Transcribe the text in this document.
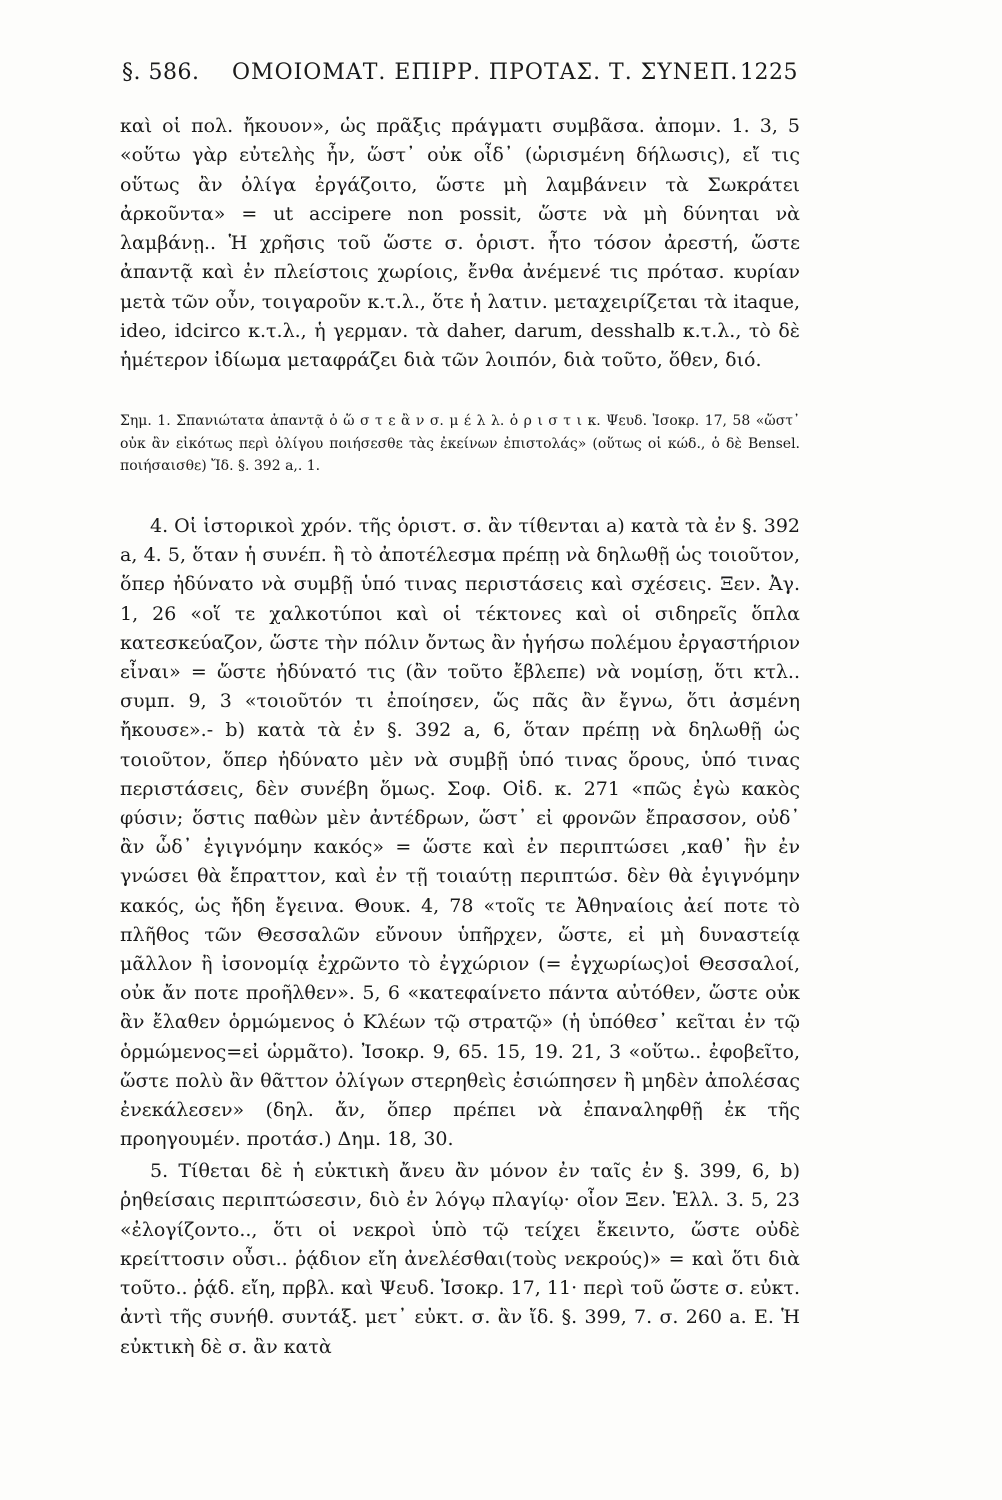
§. 586. ΟΜΟΙΟΜΑΤ. ΕΠΙΡΡ. ΠΡΟΤΑΣ. Τ. ΣΥΝΕΠ. 1225

καὶ οἱ πολ. ἤκουον», ὡς πρᾶξις πράγματι συμβᾶσα. ἀπομν. 1. 3, 5 «οὕτω γὰρ εὐτελὴς ἦν, ὥστ᾽ οὐκ οἶδ᾽ (ὡρισμένη δήλωσις), εἴ τις οὕτως ἂν ὀλίγα ἐργάζοιτο, ὥστε μὴ λαμβάνειν τὰ Σωκράτει ἀρκοῦντα» = ut accipere non possit, ὥστε νὰ μὴ δύνηται νὰ λαμβάνῃ.. Ἡ χρῆσις τοῦ ὥστε σ. ὁριστ. ἦτο τόσον ἀρεστή, ὥστε ἀπαντᾷ καὶ ἐν πλείστοις χωρίοις, ἔνθα ἀνέμενέ τις πρότασ. κυρίαν μετὰ τῶν οὖν, τοιγαροῦν κ.τ.λ., ὅτε ἡ λατιν. μεταχειρίζεται τὰ itaque, ideo, idcirco κ.τ.λ., ἡ γερμαν. τὰ daher, darum, desshalb κ.τ.λ., τὸ δὲ ἡμέτερον ἰδίωμα μεταφράζει διὰ τῶν λοιπόν, διὰ τοῦτο, ὅθεν, διό.

Σημ. 1. Σπανιώτατα ἀπαντᾷ ὁ ὥ σ τ ε ἂ ν σ. μ έ λ λ. ὁ ρ ι σ τ ι κ. Ψευδ. Ἰσοκρ. 17, 58 «ὥστ᾽ οὐκ ἂν εἰκότως περὶ ὀλίγου ποιήσεσθε τὰς ἐκείνων ἐπιστολάς» (οὕτως οἱ κώδ., ὁ δὲ Bensel. ποιήσαισθε) Ἴδ. §. 392 a,. 1.

4. Οἱ ἱστορικοὶ χρόν. τῆς ὁριστ. σ. ἂν τίθενται a) κατὰ τὰ ἐν §. 392 a, 4. 5, ὅταν ἡ συνέπ. ἢ τὸ ἀποτέλεσμα πρέπῃ νὰ δηλωθῇ ὡς τοιοῦτον, ὅπερ ἠδύνατο νὰ συμβῇ ὑπό τινας περιστάσεις καὶ σχέσεις. Ξεν. Ἀγ. 1, 26 «οἵ τε χαλκοτύποι καὶ οἱ τέκτονες καὶ οἱ σιδηρεῖς ὅπλα κατεσκεύαζον, ὥστε τὴν πόλιν ὄντως ἂν ἡγήσω πολέμου ἐργαστήριον εἶναι» = ὥστε ἠδύνατό τις (ἂν τοῦτο ἔβλεπε) νὰ νομίσῃ, ὅτι κτλ.. συμπ. 9, 3 «τοιοῦτόν τι ἐποίησεν, ὥς πᾶς ἂν ἔγνω, ὅτι ἀσμένη ἤκουσε».- b) κατὰ τὰ ἐν §. 392 a, 6, ὅταν πρέπῃ νὰ δηλωθῇ ὡς τοιοῦτον, ὅπερ ἠδύνατο μὲν νὰ συμβῇ ὑπό τινας ὅρους, ὑπό τινας περιστάσεις, δὲν συνέβη ὅμως. Σοφ. Οἰδ. κ. 271 «πῶς ἐγὼ κακὸς φύσιν; ὅστις παθὼν μὲν ἀντέδρων, ὥστ᾽ εἰ φρονῶν ἔπρασσον, οὐδ᾽ ἂν ὧδ᾽ ἐγιγνόμην κακός» = ὥστε καὶ ἐν περιπτώσει ,καθ᾽ ἣν ἐν γνώσει θὰ ἔπραττον, καὶ ἐν τῇ τοιαύτῃ περιπτώσ. δὲν θὰ ἐγιγνόμην κακός, ὡς ἤδη ἔγεινα. Θουκ. 4, 78 «τοῖς τε Ἀθηναίοις ἀεί ποτε τὸ πλῆθος τῶν Θεσσαλῶν εὔνουν ὑπῆρχεν, ὥστε, εἰ μὴ δυναστείᾳ μᾶλλον ἢ ἰσονομίᾳ ἐχρῶντο τὸ ἐγχώριον (= ἐγχωρίως)οἱ Θεσσαλοί, οὐκ ἄν ποτε προῆλθεν». 5, 6 «κατεφαίνετο πάντα αὐτόθεν, ὥστε οὐκ ἂν ἔλαθεν ὁρμώμενος ὁ Κλέων τῷ στρατῷ» (ἡ ὑπόθεσ᾽ κεῖται ἐν τῷ ὁρμώμενος=εἰ ὡρμᾶτο). Ἰσοκρ. 9, 65. 15, 19. 21, 3 «οὕτω.. ἐφοβεῖτο, ὥστε πολὺ ἂν θᾶττον ὀλίγων στερηθεὶς ἐσιώπησεν ἢ μηδὲν ἀπολέσας ἐνεκάλεσεν» (δηλ. ἄν, ὅπερ πρέπει νὰ ἐπαναληφθῇ ἐκ τῆς προηγουμέν. προτάσ.) Δημ. 18, 30.

5. Τίθεται δὲ ἡ εὐκτικὴ ἄνευ ἂν μόνον ἐν ταῖς ἐν §. 399, 6, b) ῥηθείσαις περιπτώσεσιν, διὸ ἐν λόγῳ πλαγίῳ· οἷον Ξεν. Ἑλλ. 3. 5, 23 «ἐλογίζοντο.., ὅτι οἱ νεκροὶ ὑπὸ τῷ τείχει ἔκειντο, ὥστε οὐδὲ κρείττοσιν οὖσι.. ῥᾴδιον εἴη ἀνελέσθαι(τοὺς νεκρούς)» = καὶ ὅτι διὰ τοῦτο.. ῥᾴδ. εἴη, πρβλ. καὶ Ψευδ. Ἰσοκρ. 17, 11· περὶ τοῦ ὥστε σ. εὐκτ. ἀντὶ τῆς συνήθ. συντάξ. μετ᾽ εὐκτ. σ. ἂν ἴδ. §. 399, 7. σ. 260 a. Ε. Ἡ εὐκτικὴ δὲ σ. ἂν κατὰ
